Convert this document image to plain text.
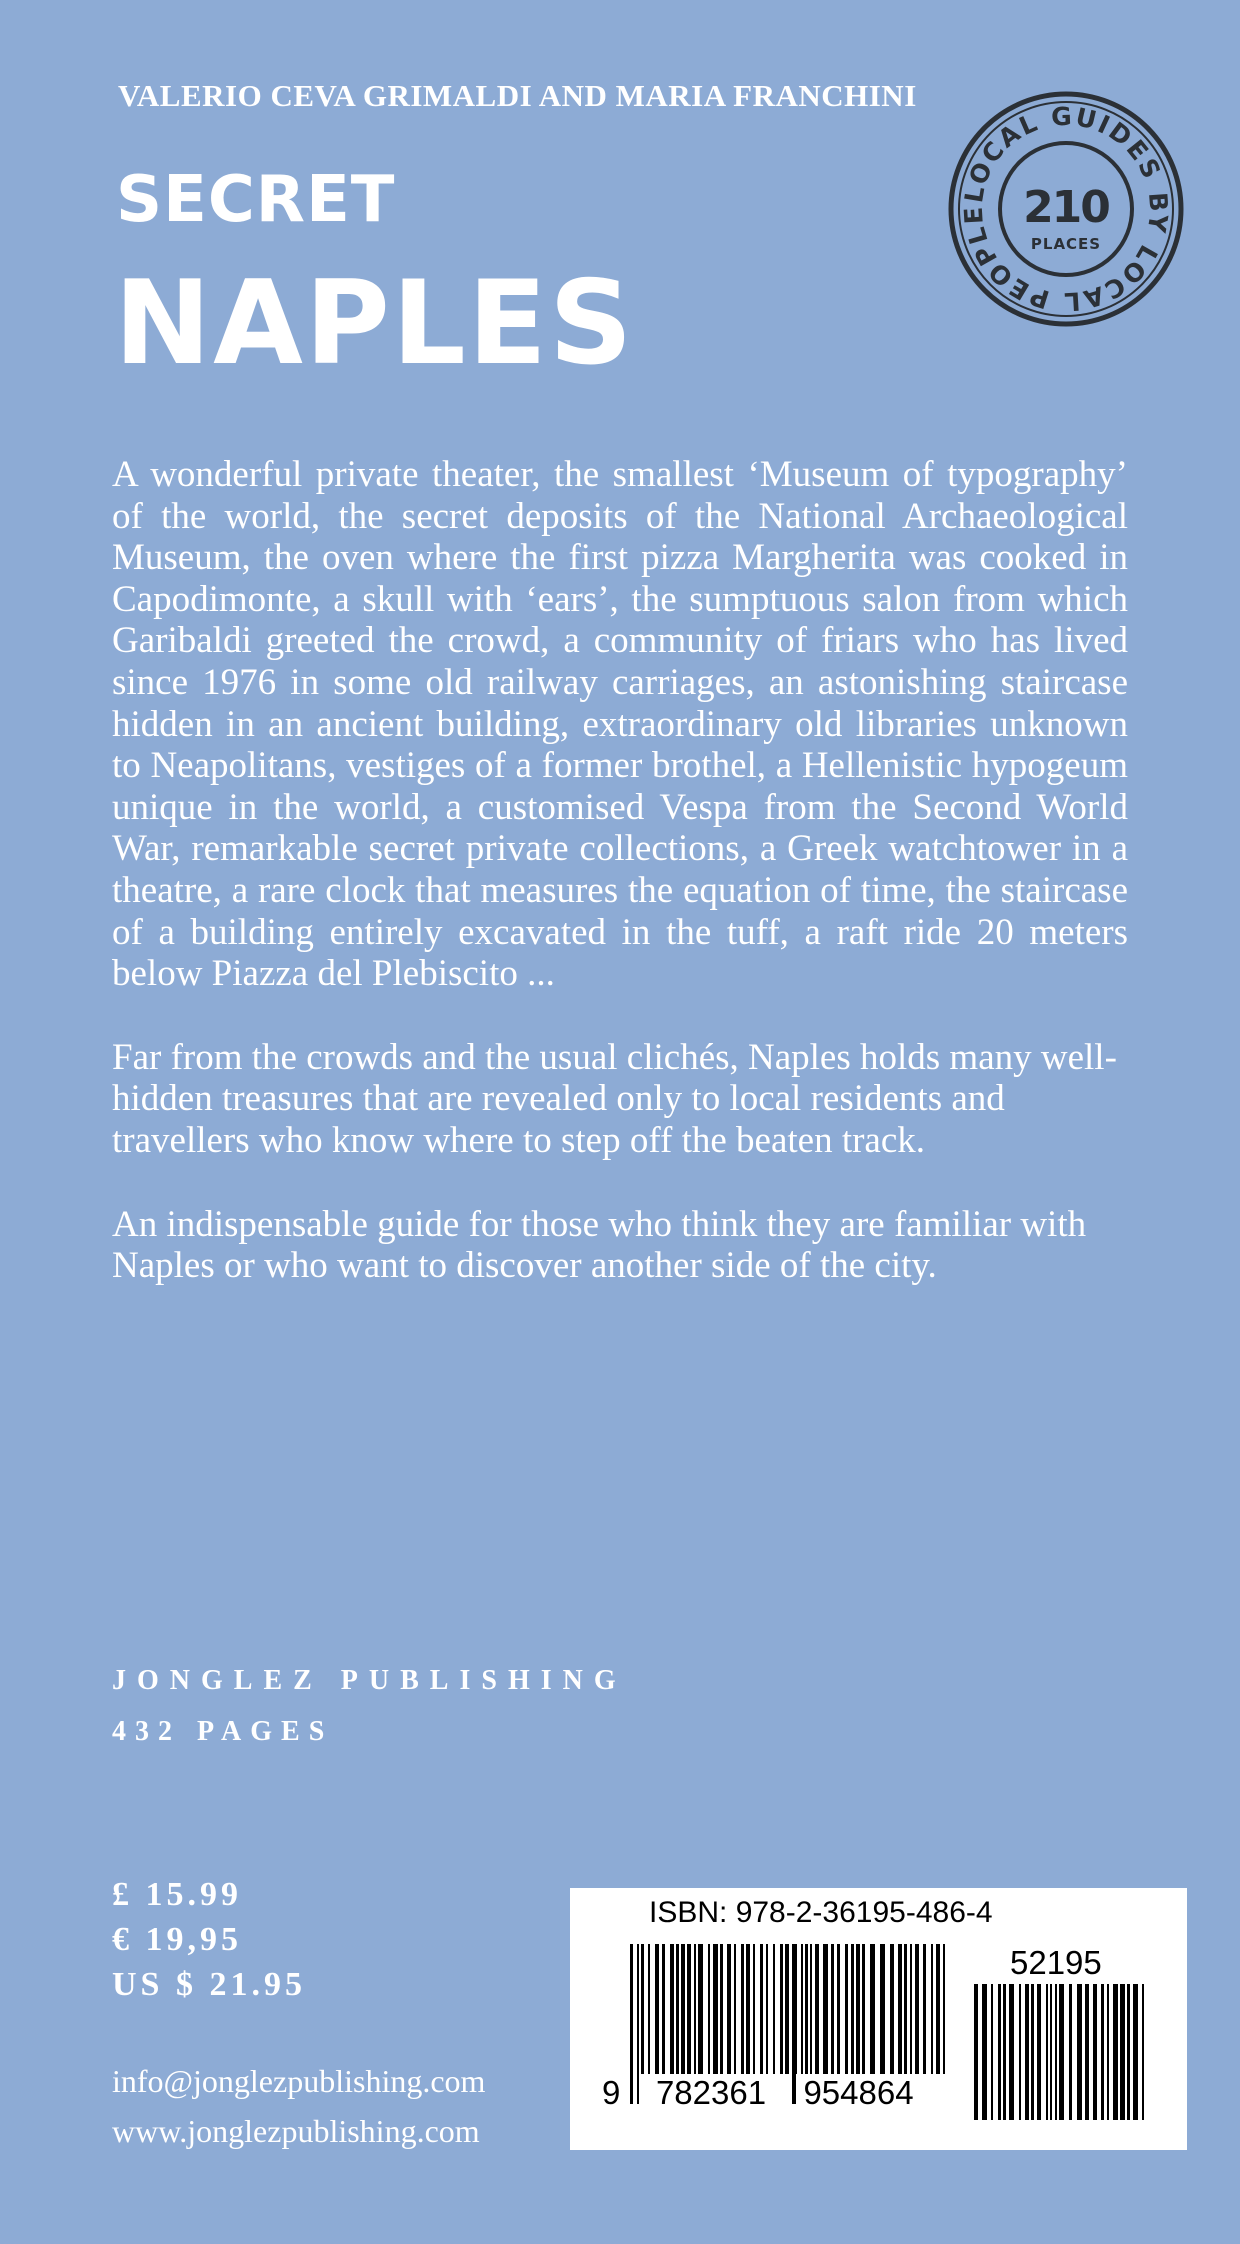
VALERIO CEVA GRIMALDI AND MARIA FRANCHINI
SECRET
NAPLES
LOCAL GUIDES BY LOCAL PEOPLE 210
PLACES

A wonderful private theater, the smallest ‘Museum of typography’ of the world, the secret deposits of the National Archaeological Museum, the oven where the first pizza Margherita was cooked in Capodimonte, a skull with ‘ears’, the sumptuous salon from which Garibaldi greeted the crowd, a community of friars who has lived since 1976 in some old railway carriages, an astonishing staircase hidden in an ancient building, extraordinary old libraries unknown to Neapolitans, vestiges of a former brothel, a Hellenistic hypogeum unique in the world, a customised Vespa from the Second World War, remarkable secret private collections, a Greek watchtower in a theatre, a rare clock that measures the equation of time, the staircase of a building entirely excavated in the tuff, a raft ride 20 meters below Piazza del Plebiscito ...

Far from the crowds and the usual clichés, Naples holds many well-hidden treasures that are revealed only to local residents and travellers who know where to step off the beaten track.

An indispensable guide for those who think they are familiar with Naples or who want to discover another side of the city.

JONGLEZ PUBLISHING
432 PAGES
£ 15.99
€ 19,95
US $ 21.95
info@jonglezpublishing.com
www.jonglezpublishing.com
ISBN: 978-2-36195-486-4
9 782361 954864
52195
